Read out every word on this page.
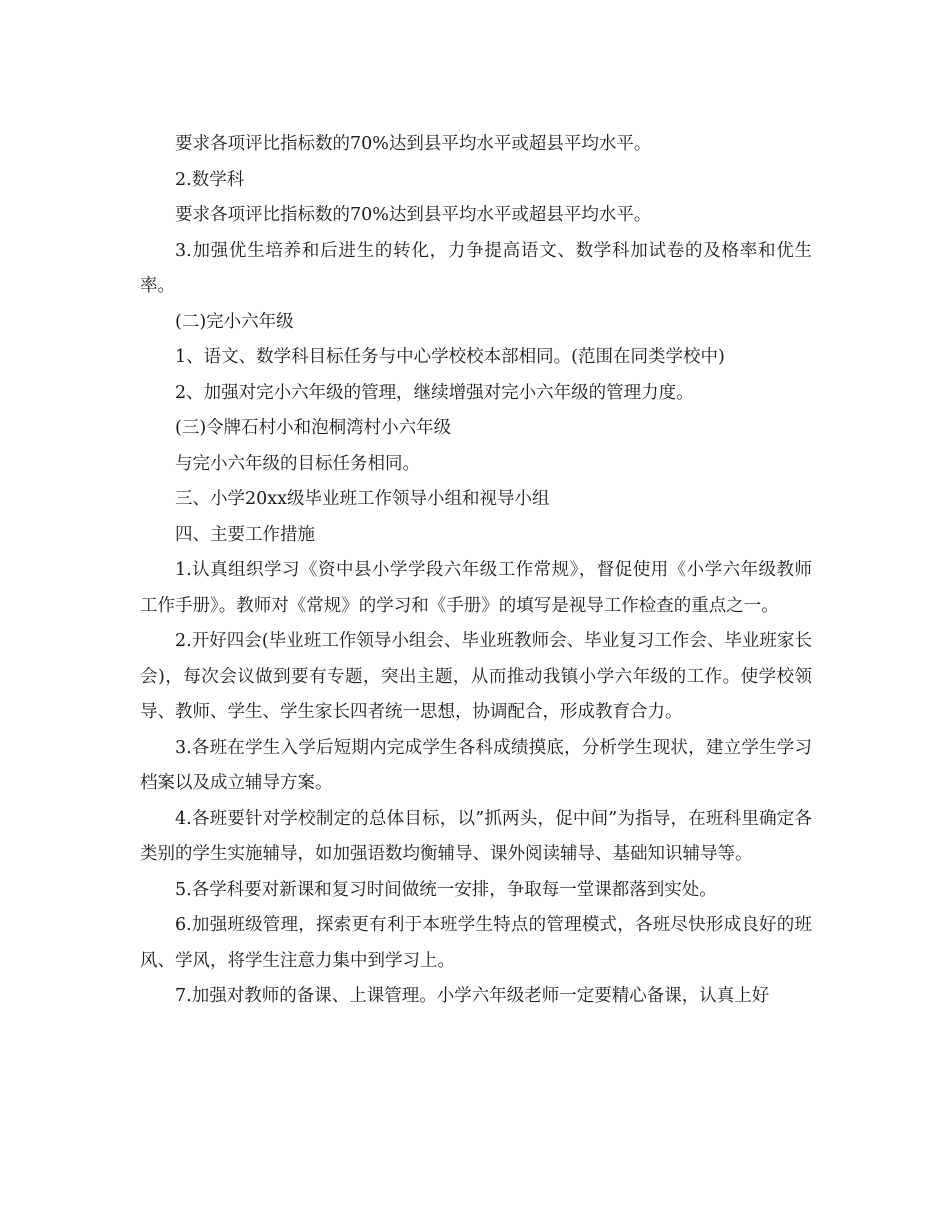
要求各项评比指标数的70%达到县平均水平或超县平均水平。

2.数学科

要求各项评比指标数的70%达到县平均水平或超县平均水平。

3.加强优生培养和后进生的转化，力争提高语文、数学科加试卷的及格率和优生率。

(二)完小六年级

1、语文、数学科目标任务与中心学校校本部相同。(范围在同类学校中)

2、加强对完小六年级的管理，继续增强对完小六年级的管理力度。

(三)令牌石村小和泡桐湾村小六年级

与完小六年级的目标任务相同。

三、小学20xx级毕业班工作领导小组和视导小组

四、主要工作措施

1.认真组织学习《资中县小学学段六年级工作常规》，督促使用《小学六年级教师工作手册》。教师对《常规》的学习和《手册》的填写是视导工作检查的重点之一。

2.开好四会(毕业班工作领导小组会、毕业班教师会、毕业复习工作会、毕业班家长会)，每次会议做到要有专题，突出主题，从而推动我镇小学六年级的工作。使学校领导、教师、学生、学生家长四者统一思想，协调配合，形成教育合力。

3.各班在学生入学后短期内完成学生各科成绩摸底，分析学生现状，建立学生学习档案以及成立辅导方案。

4.各班要针对学校制定的总体目标，以”抓两头，促中间”为指导，在班科里确定各类别的学生实施辅导，如加强语数均衡辅导、课外阅读辅导、基础知识辅导等。

5.各学科要对新课和复习时间做统一安排，争取每一堂课都落到实处。

6.加强班级管理，探索更有利于本班学生特点的管理模式，各班尽快形成良好的班风、学风，将学生注意力集中到学习上。

7.加强对教师的备课、上课管理。小学六年级老师一定要精心备课，认真上好
